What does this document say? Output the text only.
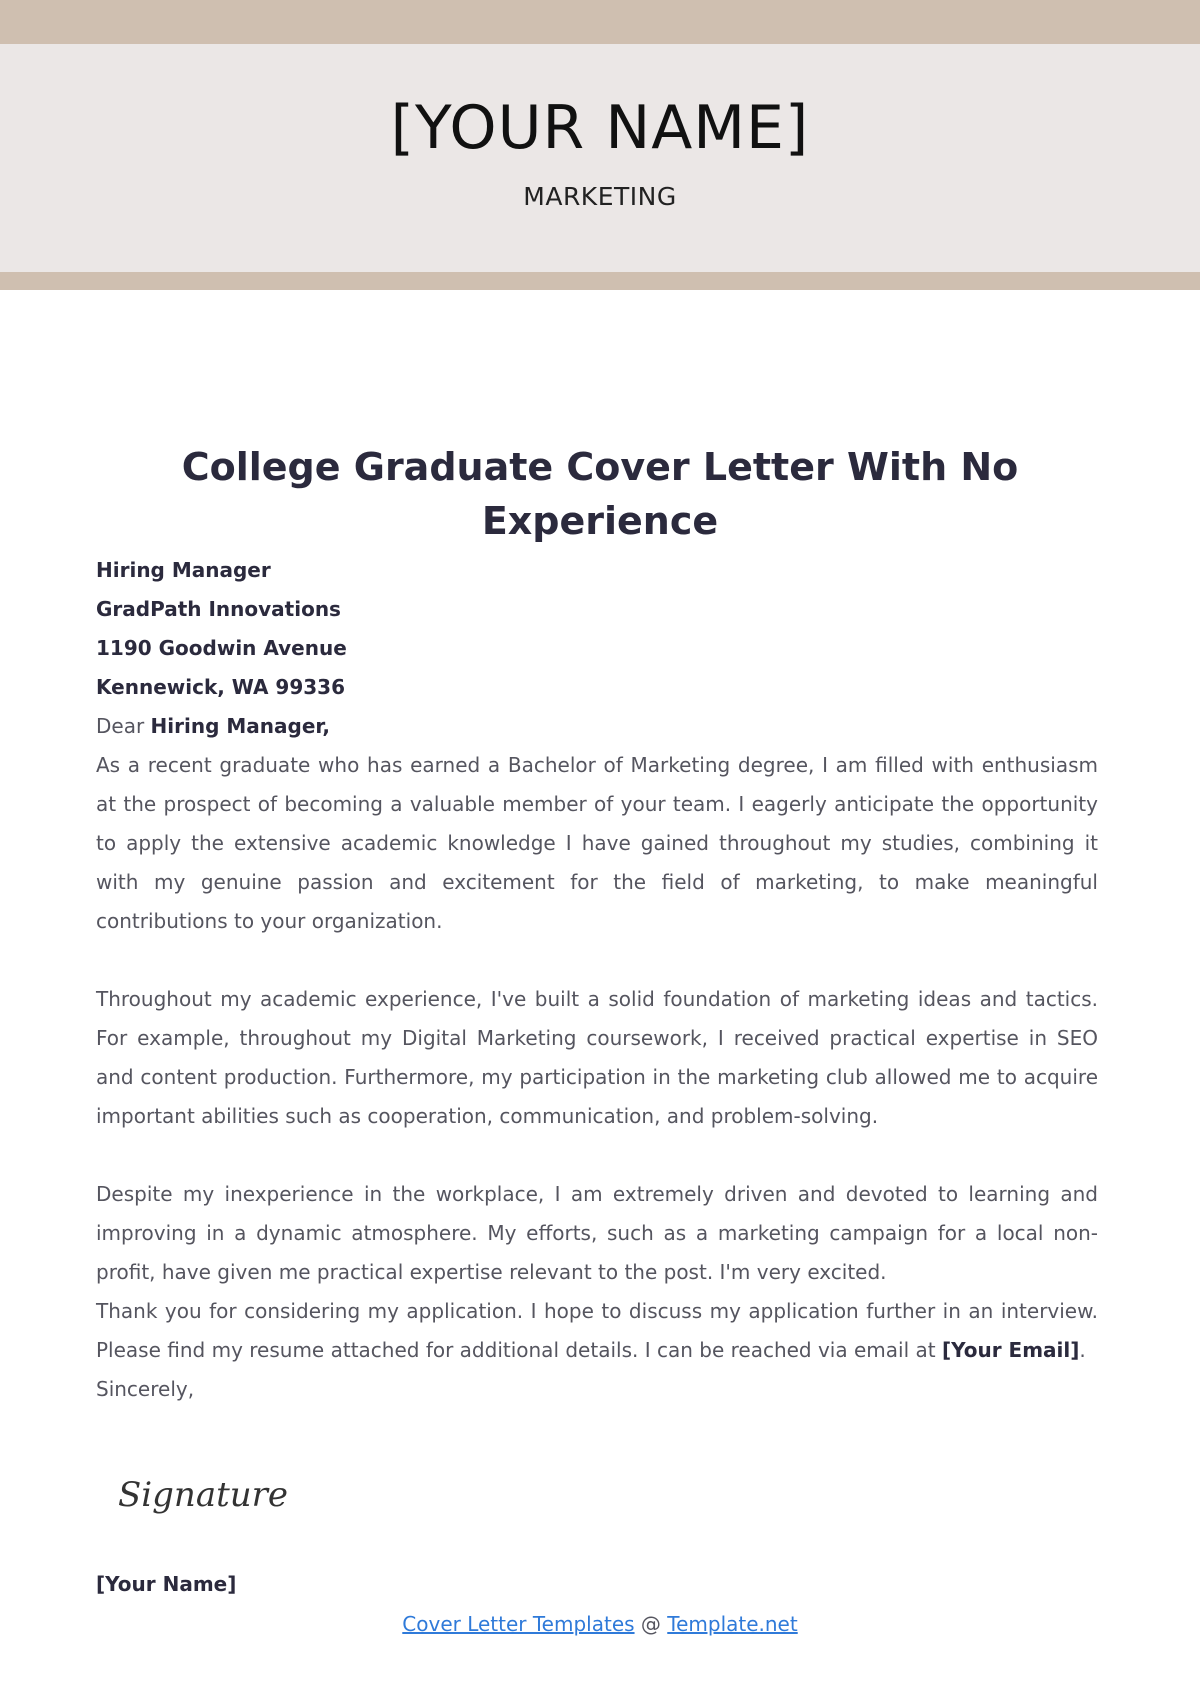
[YOUR NAME]
MARKETING
College Graduate Cover Letter With No Experience
Hiring Manager
GradPath Innovations
1190 Goodwin Avenue
Kennewick, WA 99336
Dear Hiring Manager,
As a recent graduate who has earned a Bachelor of Marketing degree, I am filled with enthusiasm at the prospect of becoming a valuable member of your team. I eagerly anticipate the opportunity to apply the extensive academic knowledge I have gained throughout my studies, combining it with my genuine passion and excitement for the field of marketing, to make meaningful contributions to your organization.
Throughout my academic experience, I've built a solid foundation of marketing ideas and tactics. For example, throughout my Digital Marketing coursework, I received practical expertise in SEO and content production. Furthermore, my participation in the marketing club allowed me to acquire important abilities such as cooperation, communication, and problem-solving.
Despite my inexperience in the workplace, I am extremely driven and devoted to learning and improving in a dynamic atmosphere. My efforts, such as a marketing campaign for a local non-profit, have given me practical expertise relevant to the post. I'm very excited.
Thank you for considering my application. I hope to discuss my application further in an interview. Please find my resume attached for additional details. I can be reached via email at [Your Email].
Sincerely,
Signature
[Your Name]
Cover Letter Templates @ Template.net
